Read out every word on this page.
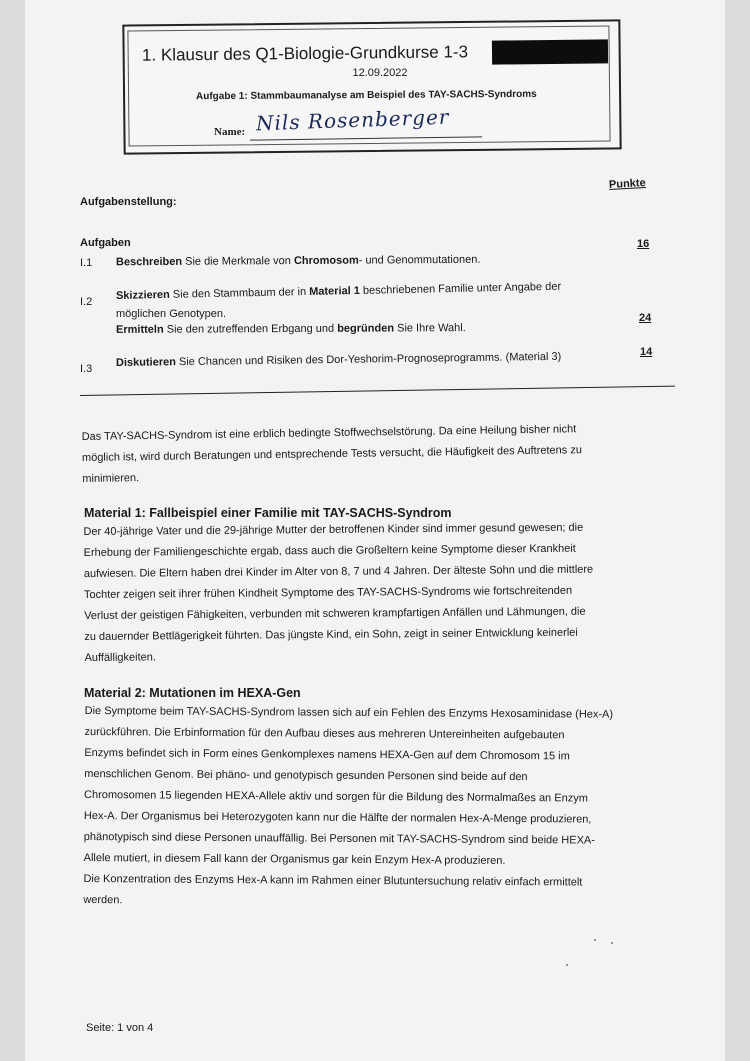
1. Klausur des Q1-Biologie-Grundkurse 1-3
12.09.2022
Aufgabe 1: Stammbaumanalyse am Beispiel des TAY-SACHS-Syndroms
Name: Nils Rosenberger
Aufgabenstellung:
Punkte
Aufgaben
I.1 Beschreiben Sie die Merkmale von Chromosom- und Genommutationen.
16
I.2
Skizzieren Sie den Stammbaum der in Material 1 beschriebenen Familie unter Angabe der
möglichen Genotypen.
Ermitteln Sie den zutreffenden Erbgang und begründen Sie Ihre Wahl.
24
I.3
Diskutieren Sie Chancen und Risiken des Dor-Yeshorim-Prognoseprogramms. (Material 3)	14
Das TAY-SACHS-Syndrom ist eine erblich bedingte Stoffwechselstörung. Da eine Heilung bisher nicht
möglich ist, wird durch Beratungen und entsprechende Tests versucht, die Häufigkeit des Auftretens zu
minimieren.
Material 1: Fallbeispiel einer Familie mit TAY-SACHS-Syndrom
Der 40-jährige Vater und die 29-jährige Mutter der betroffenen Kinder sind immer gesund gewesen; die
Erhebung der Familiengeschichte ergab, dass auch die Großeltern keine Symptome dieser Krankheit
aufwiesen. Die Eltern haben drei Kinder im Alter von 8, 7 und 4 Jahren. Der älteste Sohn und die mittlere
Tochter zeigen seit ihrer frühen Kindheit Symptome des TAY-SACHS-Syndroms wie fortschreitenden
Verlust der geistigen Fähigkeiten, verbunden mit schweren krampfartigen Anfällen und Lähmungen, die
zu dauernder Bettlägerigkeit führten. Das jüngste Kind, ein Sohn, zeigt in seiner Entwicklung keinerlei
Auffälligkeiten.
Material 2: Mutationen im HEXA-Gen
Die Symptome beim TAY-SACHS-Syndrom lassen sich auf ein Fehlen des Enzyms Hexosaminidase (Hex-A)
zurückführen. Die Erbinformation für den Aufbau dieses aus mehreren Untereinheiten aufgebauten
Enzyms befindet sich in Form eines Genkomplexes namens HEXA-Gen auf dem Chromosom 15 im
menschlichen Genom. Bei phäno- und genotypisch gesunden Personen sind beide auf den
Chromosomen 15 liegenden HEXA-Allele aktiv und sorgen für die Bildung des Normalmaßes an Enzym
Hex-A. Der Organismus bei Heterozygoten kann nur die Hälfte der normalen Hex-A-Menge produzieren,
phänotypisch sind diese Personen unauffällig. Bei Personen mit TAY-SACHS-Syndrom sind beide HEXA-
Allele mutiert, in diesem Fall kann der Organismus gar kein Enzym Hex-A produzieren.
Die Konzentration des Enzyms Hex-A kann im Rahmen einer Blutuntersuchung relativ einfach ermittelt
werden.
Seite: 1 von 4
